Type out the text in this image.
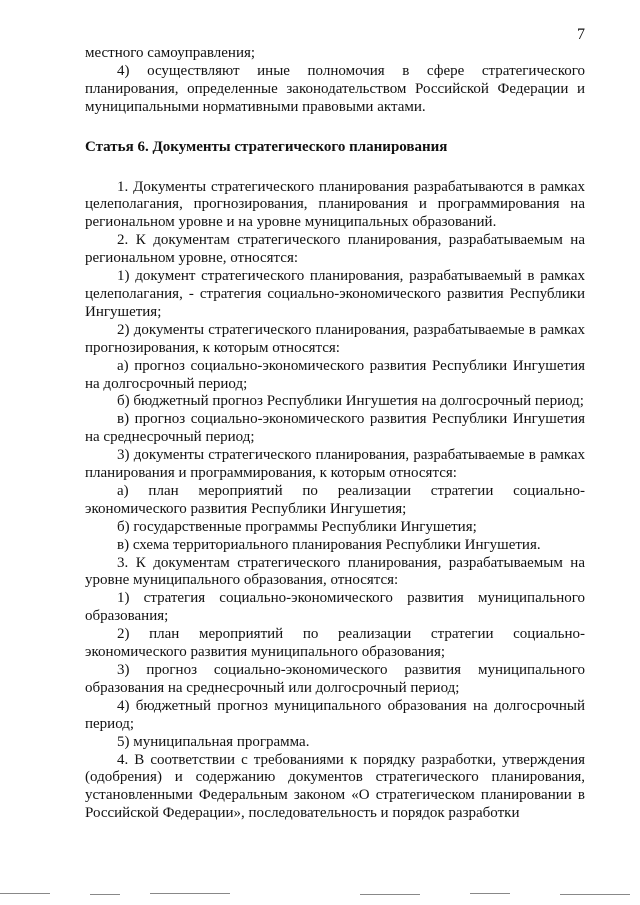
7

местного самоуправления;

4) осуществляют иные полномочия в сфере стратегического планирования, определенные законодательством Российской Федерации и муниципальными нормативными правовыми актами.

Статья 6. Документы стратегического планирования

1. Документы стратегического планирования разрабатываются в рамках целеполагания, прогнозирования, планирования и программирования на региональном уровне и на уровне муниципальных образований.

2. К документам стратегического планирования, разрабатываемым на региональном уровне, относятся:

1) документ стратегического планирования, разрабатываемый в рамках целеполагания, - стратегия социально-экономического развития Республики Ингушетия;

2) документы стратегического планирования, разрабатываемые в рамках прогнозирования, к которым относятся:

а) прогноз социально-экономического развития Республики Ингушетия на долгосрочный период;

б) бюджетный прогноз Республики Ингушетия на долгосрочный период;

в) прогноз социально-экономического развития Республики Ингушетия на среднесрочный период;

3) документы стратегического планирования, разрабатываемые в рамках планирования и программирования, к которым относятся:

а) план мероприятий по реализации стратегии социально-экономического развития Республики Ингушетия;

б) государственные программы Республики Ингушетия;

в) схема территориального планирования Республики Ингушетия.

3. К документам стратегического планирования, разрабатываемым на уровне муниципального образования, относятся:

1) стратегия социально-экономического развития муниципального образования;

2) план мероприятий по реализации стратегии социально-экономического развития муниципального образования;

3) прогноз социально-экономического развития муниципального образования на среднесрочный или долгосрочный период;

4) бюджетный прогноз муниципального образования на долгосрочный период;

5) муниципальная программа.

4. В соответствии с требованиями к порядку разработки, утверждения (одобрения) и содержанию документов стратегического планирования, установленными Федеральным законом «О стратегическом планировании в Российской Федерации», последовательность и порядок разработки
